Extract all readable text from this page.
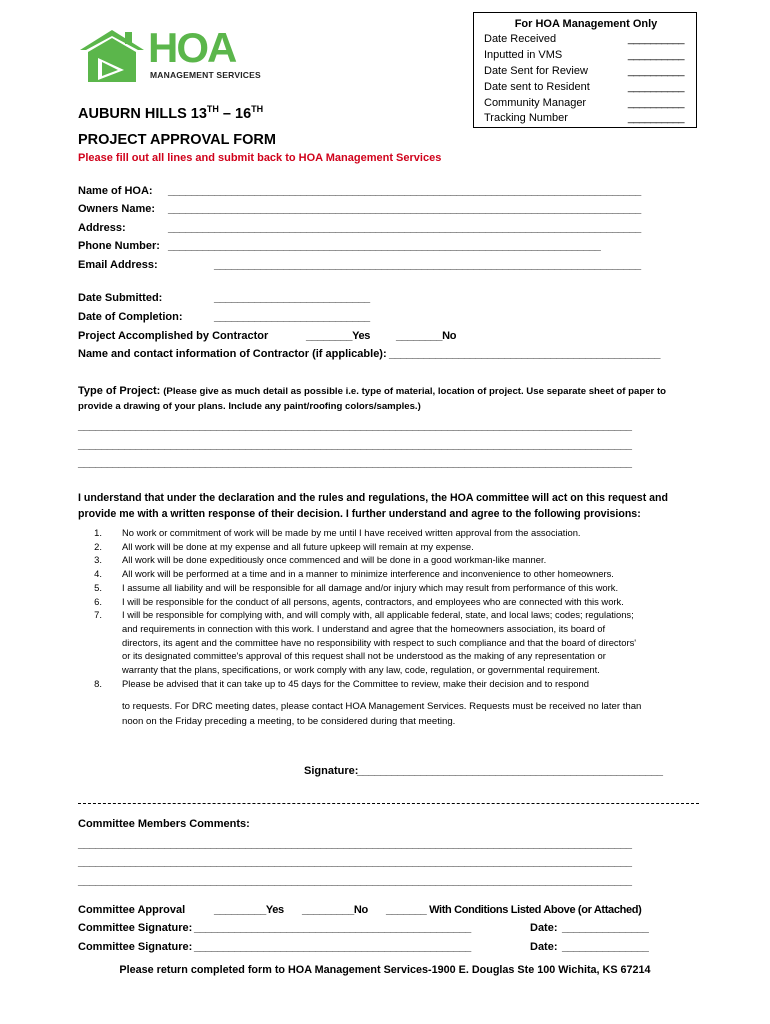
HOA
MANAGEMENT SERVICES
For HOA Management Only
Date Received	__________
Inputted in VMS	__________
Date Sent for Review	__________
Date sent to Resident	__________
Community Manager	__________
Tracking Number	__________
AUBURN HILLS 13TH – 16TH
PROJECT APPROVAL FORM
Please fill out all lines and submit back to HOA Management Services
Name of HOA: __________________________________________________________________________________
Owners Name: __________________________________________________________________________________
Address:	__________________________________________________________________________________
Phone Number: ___________________________________________________________________________
Email Address:	__________________________________________________________________________
Date Submitted:	___________________________
Date of Completion:	___________________________
Project Accomplished by Contractor	________Yes ________No
Name and contact information of Contractor (if applicable): _______________________________________________
Type of Project: (Please give as much detail as possible i.e. type of material, location of project. Use separate sheet of paper to
provide a drawing of your plans. Include any paint/roofing colors/samples.)
________________________________________________________________________________________________
________________________________________________________________________________________________
________________________________________________________________________________________________
I understand that under the declaration and the rules and regulations, the HOA committee will act on this request and
provide me with a written response of their decision. I further understand and agree to the following provisions:
1. No work or commitment of work will be made by me until I have received written approval from the association.
2. All work will be done at my expense and all future upkeep will remain at my expense.
3. All work will be done expeditiously once commenced and will be done in a good workman-like manner.
4. All work will be performed at a time and in a manner to minimize interference and inconvenience to other homeowners.
5. I assume all liability and will be responsible for all damage and/or injury which may result from performance of this work.
6. I will be responsible for the conduct of all persons, agents, contractors, and employees who are connected with this work.
7. I will be responsible for complying with, and will comply with, all applicable federal, state, and local laws; codes; regulations;
and requirements in connection with this work. I understand and agree that the homeowners association, its board of
directors, its agent and the committee have no responsibility with respect to such compliance and that the board of directors'
or its designated committee's approval of this request shall not be understood as the making of any representation or
warranty that the plans, specifications, or work comply with any law, code, regulation, or governmental requirement.
8. Please be advised that it can take up to 45 days for the Committee to review, make their decision and to respond
to requests. For DRC meeting dates, please contact HOA Management Services. Requests must be received no later than
noon on the Friday preceding a meeting, to be considered during that meeting.
Signature:
_____________________________________________________
Committee Members Comments:
________________________________________________________________________________________________
________________________________________________________________________________________________
________________________________________________________________________________________________
Committee Approval	_________Yes _________No _______ With Conditions Listed Above (or Attached)
Committee Signature: ________________________________________________	Date: _______________
Committee Signature: ________________________________________________	Date: _______________
Please return completed form to HOA Management Services-1900 E. Douglas Ste 100 Wichita, KS 67214
